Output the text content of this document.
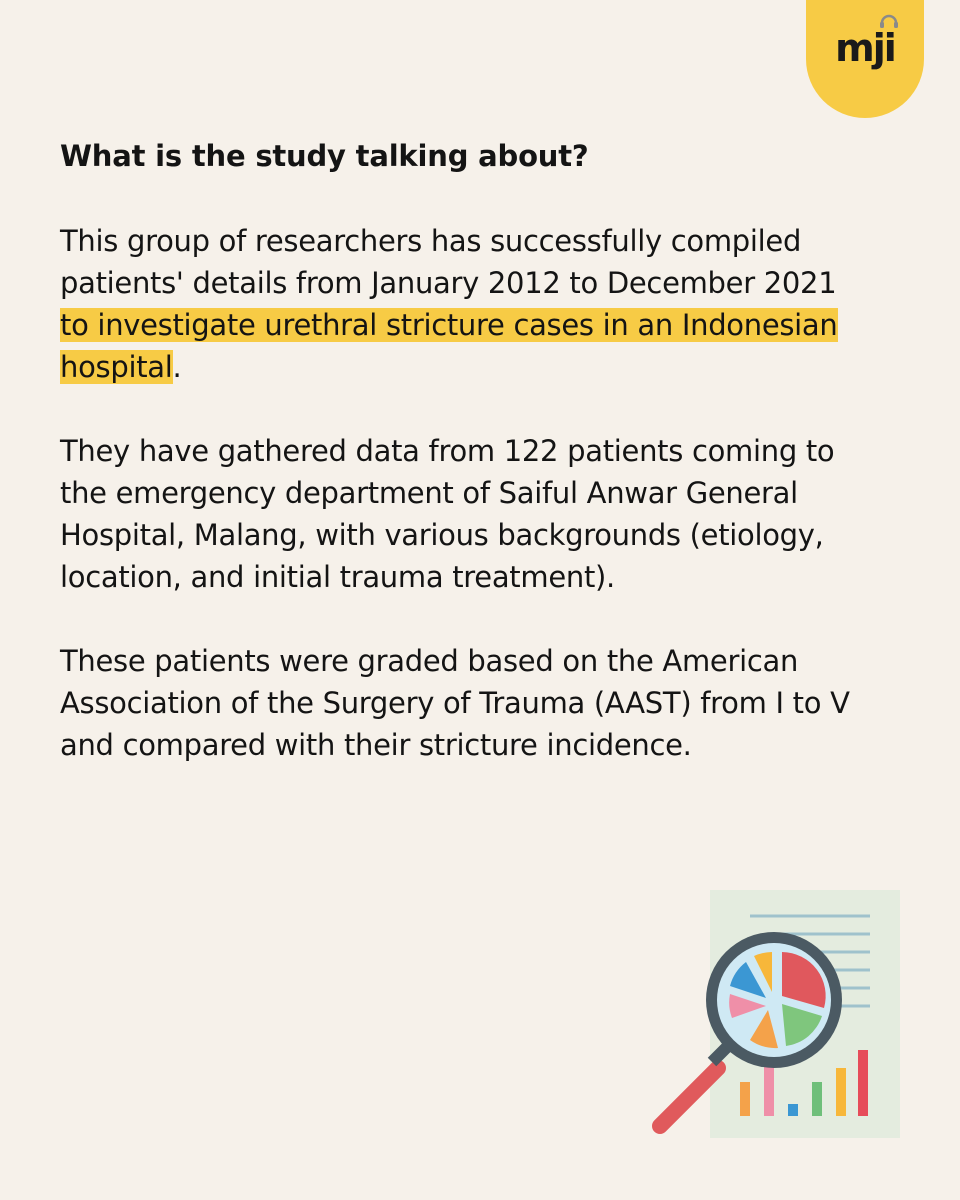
mji
What is the study talking about?

This group of researchers has successfully compiled patients' details from January 2012 to December 2021 to investigate urethral stricture cases in an Indonesian hospital.

They have gathered data from 122 patients coming to the emergency department of Saiful Anwar General Hospital, Malang, with various backgrounds (etiology, location, and initial trauma treatment).

These patients were graded based on the American Association of the Surgery of Trauma (AAST) from I to V and compared with their stricture incidence.
